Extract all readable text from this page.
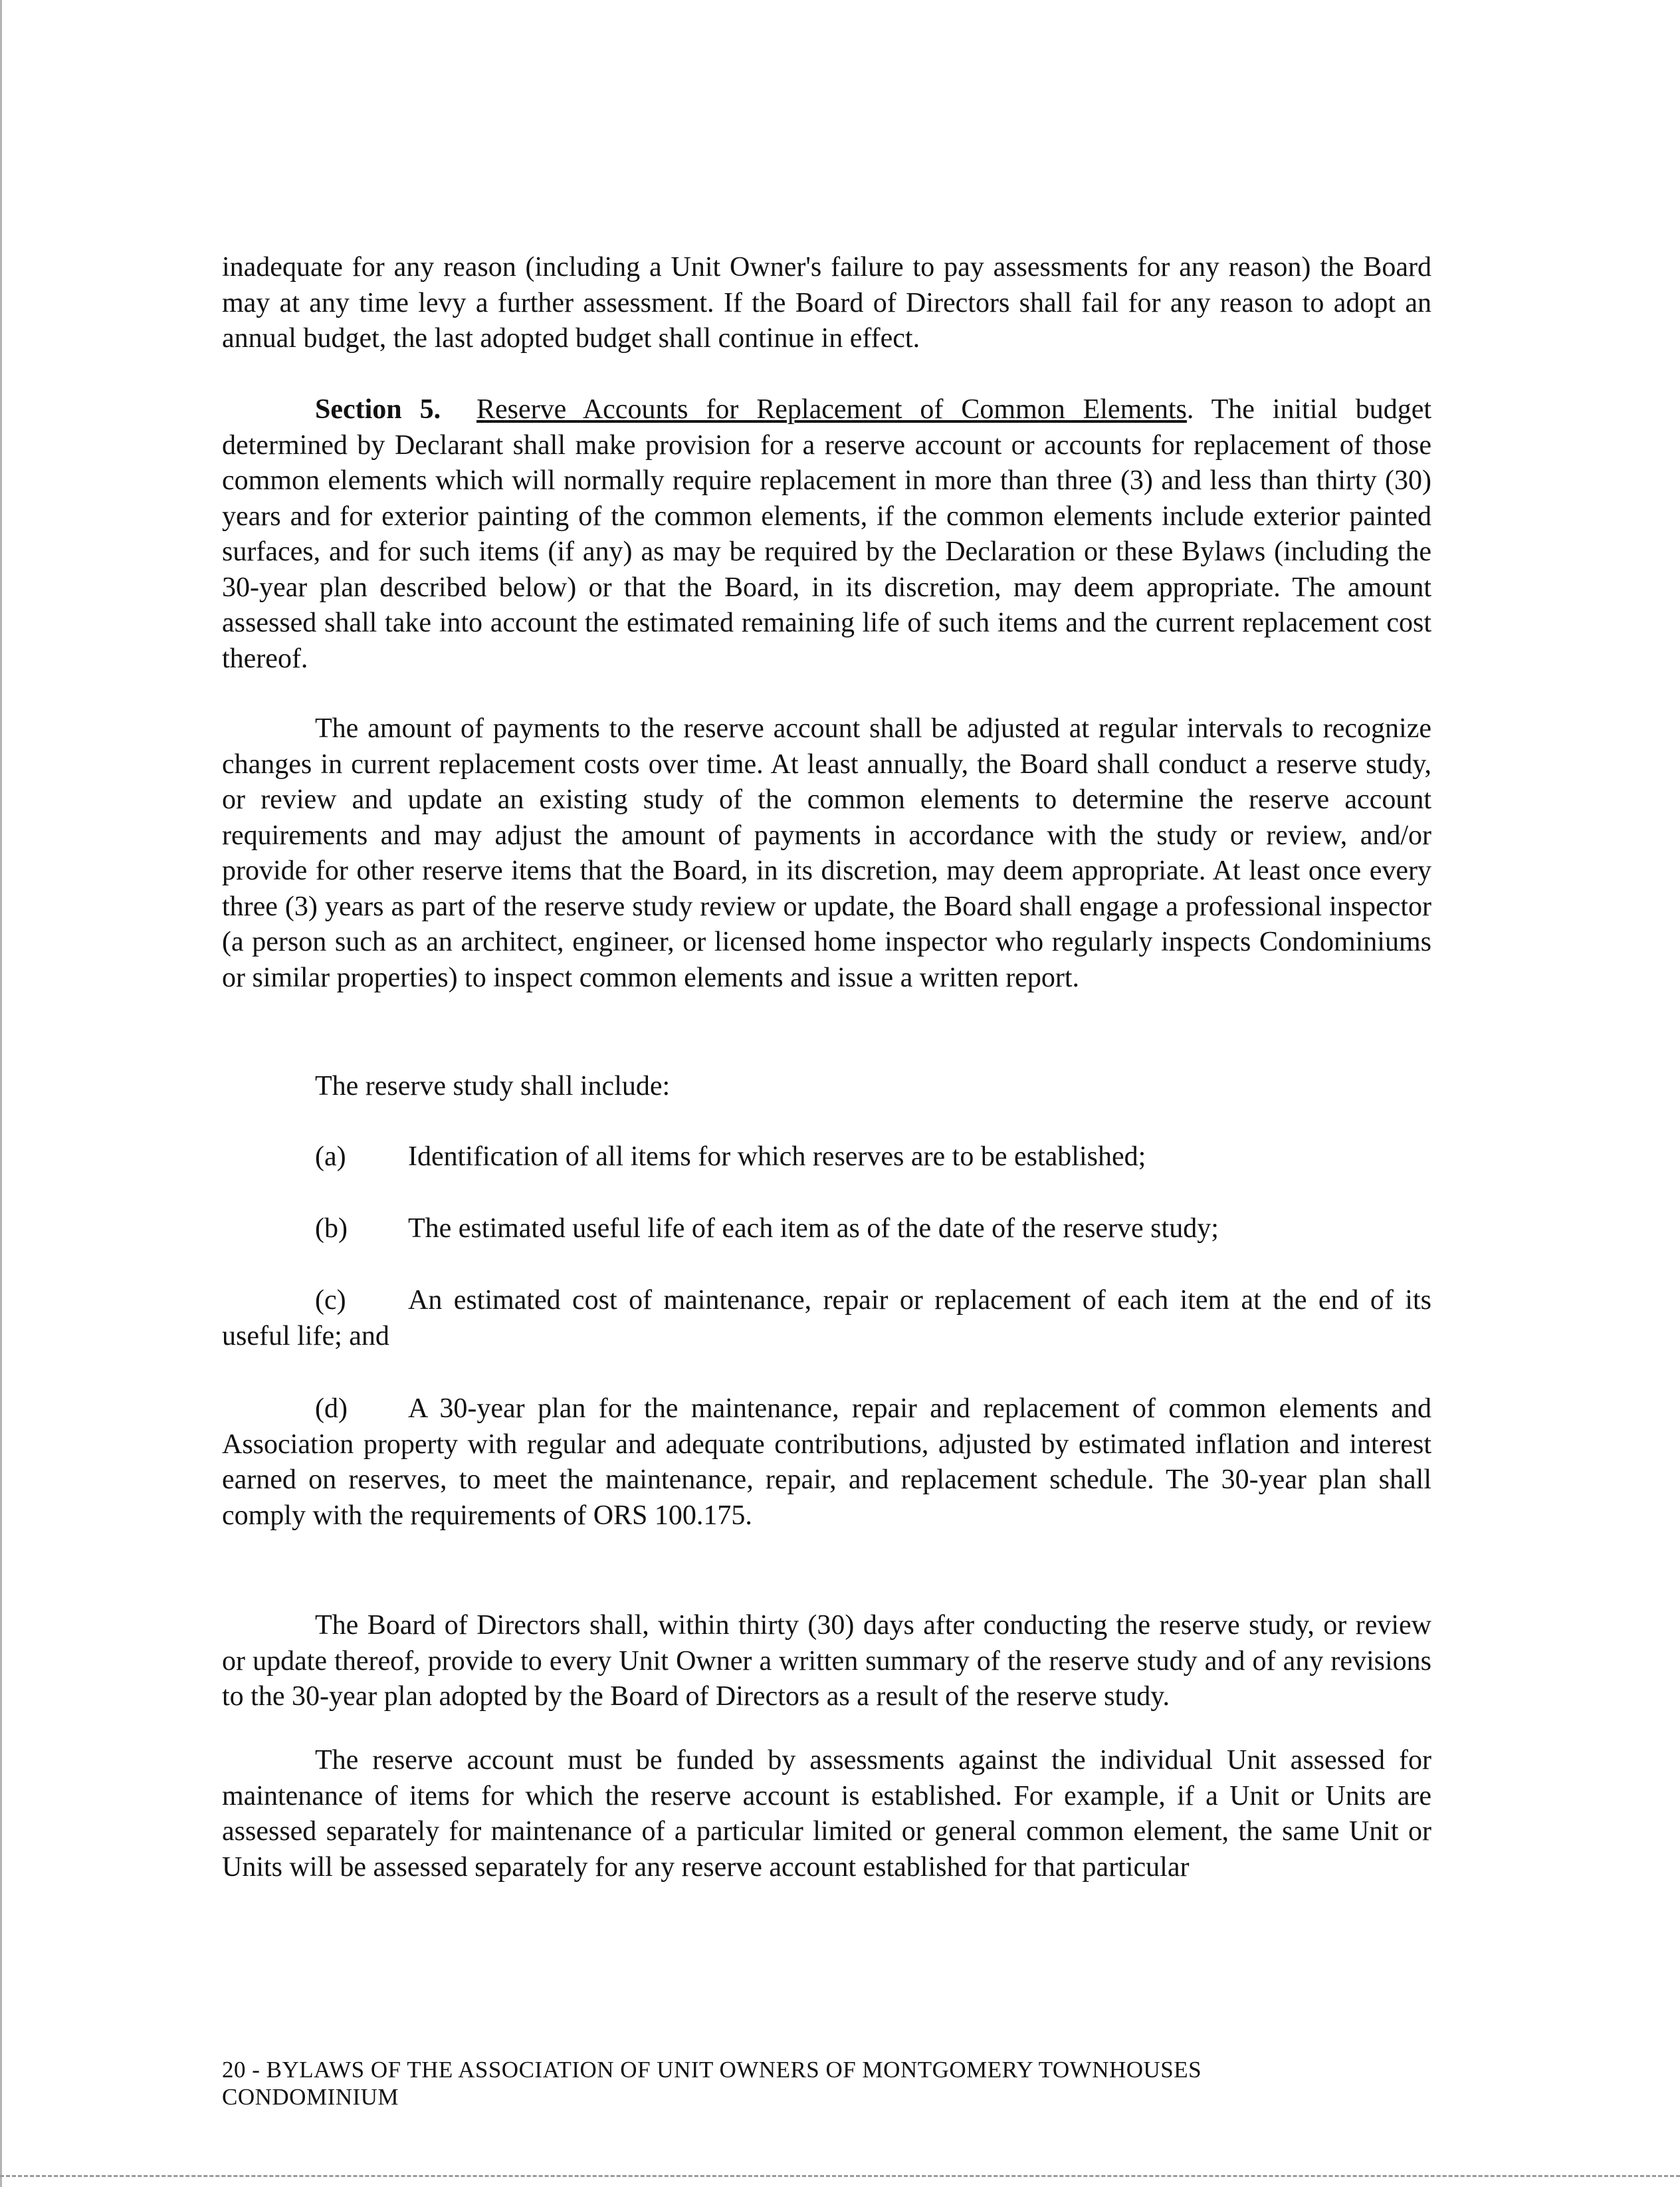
inadequate for any reason (including a Unit Owner's failure to pay assessments for any reason) the Board may at any time levy a further assessment. If the Board of Directors shall fail for any reason to adopt an annual budget, the last adopted budget shall continue in effect.

Section 5. Reserve Accounts for Replacement of Common Elements. The initial budget determined by Declarant shall make provision for a reserve account or accounts for replacement of those common elements which will normally require replacement in more than three (3) and less than thirty (30) years and for exterior painting of the common elements, if the common elements include exterior painted surfaces, and for such items (if any) as may be required by the Declaration or these Bylaws (including the 30-year plan described below) or that the Board, in its discretion, may deem appropriate. The amount assessed shall take into account the estimated remaining life of such items and the current replacement cost thereof.

The amount of payments to the reserve account shall be adjusted at regular intervals to recognize changes in current replacement costs over time. At least annually, the Board shall conduct a reserve study, or review and update an existing study of the common elements to determine the reserve account requirements and may adjust the amount of payments in accordance with the study or review, and/or provide for other reserve items that the Board, in its discretion, may deem appropriate. At least once every three (3) years as part of the reserve study review or update, the Board shall engage a professional inspector (a person such as an architect, engineer, or licensed home inspector who regularly inspects Condominiums or similar properties) to inspect common elements and issue a written report.

The reserve study shall include:

(a) Identification of all items for which reserves are to be established;

(b) The estimated useful life of each item as of the date of the reserve study;

(c) An estimated cost of maintenance, repair or replacement of each item at the end of its useful life; and

(d) A 30-year plan for the maintenance, repair and replacement of common elements and Association property with regular and adequate contributions, adjusted by estimated inflation and interest earned on reserves, to meet the maintenance, repair, and replacement schedule. The 30-year plan shall comply with the requirements of ORS 100.175.

The Board of Directors shall, within thirty (30) days after conducting the reserve study, or review or update thereof, provide to every Unit Owner a written summary of the reserve study and of any revisions to the 30-year plan adopted by the Board of Directors as a result of the reserve study.

The reserve account must be funded by assessments against the individual Unit assessed for maintenance of items for which the reserve account is established. For example, if a Unit or Units are assessed separately for maintenance of a particular limited or general common element, the same Unit or Units will be assessed separately for any reserve account established for that particular

20 - BYLAWS OF THE ASSOCIATION OF UNIT OWNERS OF MONTGOMERY TOWNHOUSES
CONDOMINIUM
